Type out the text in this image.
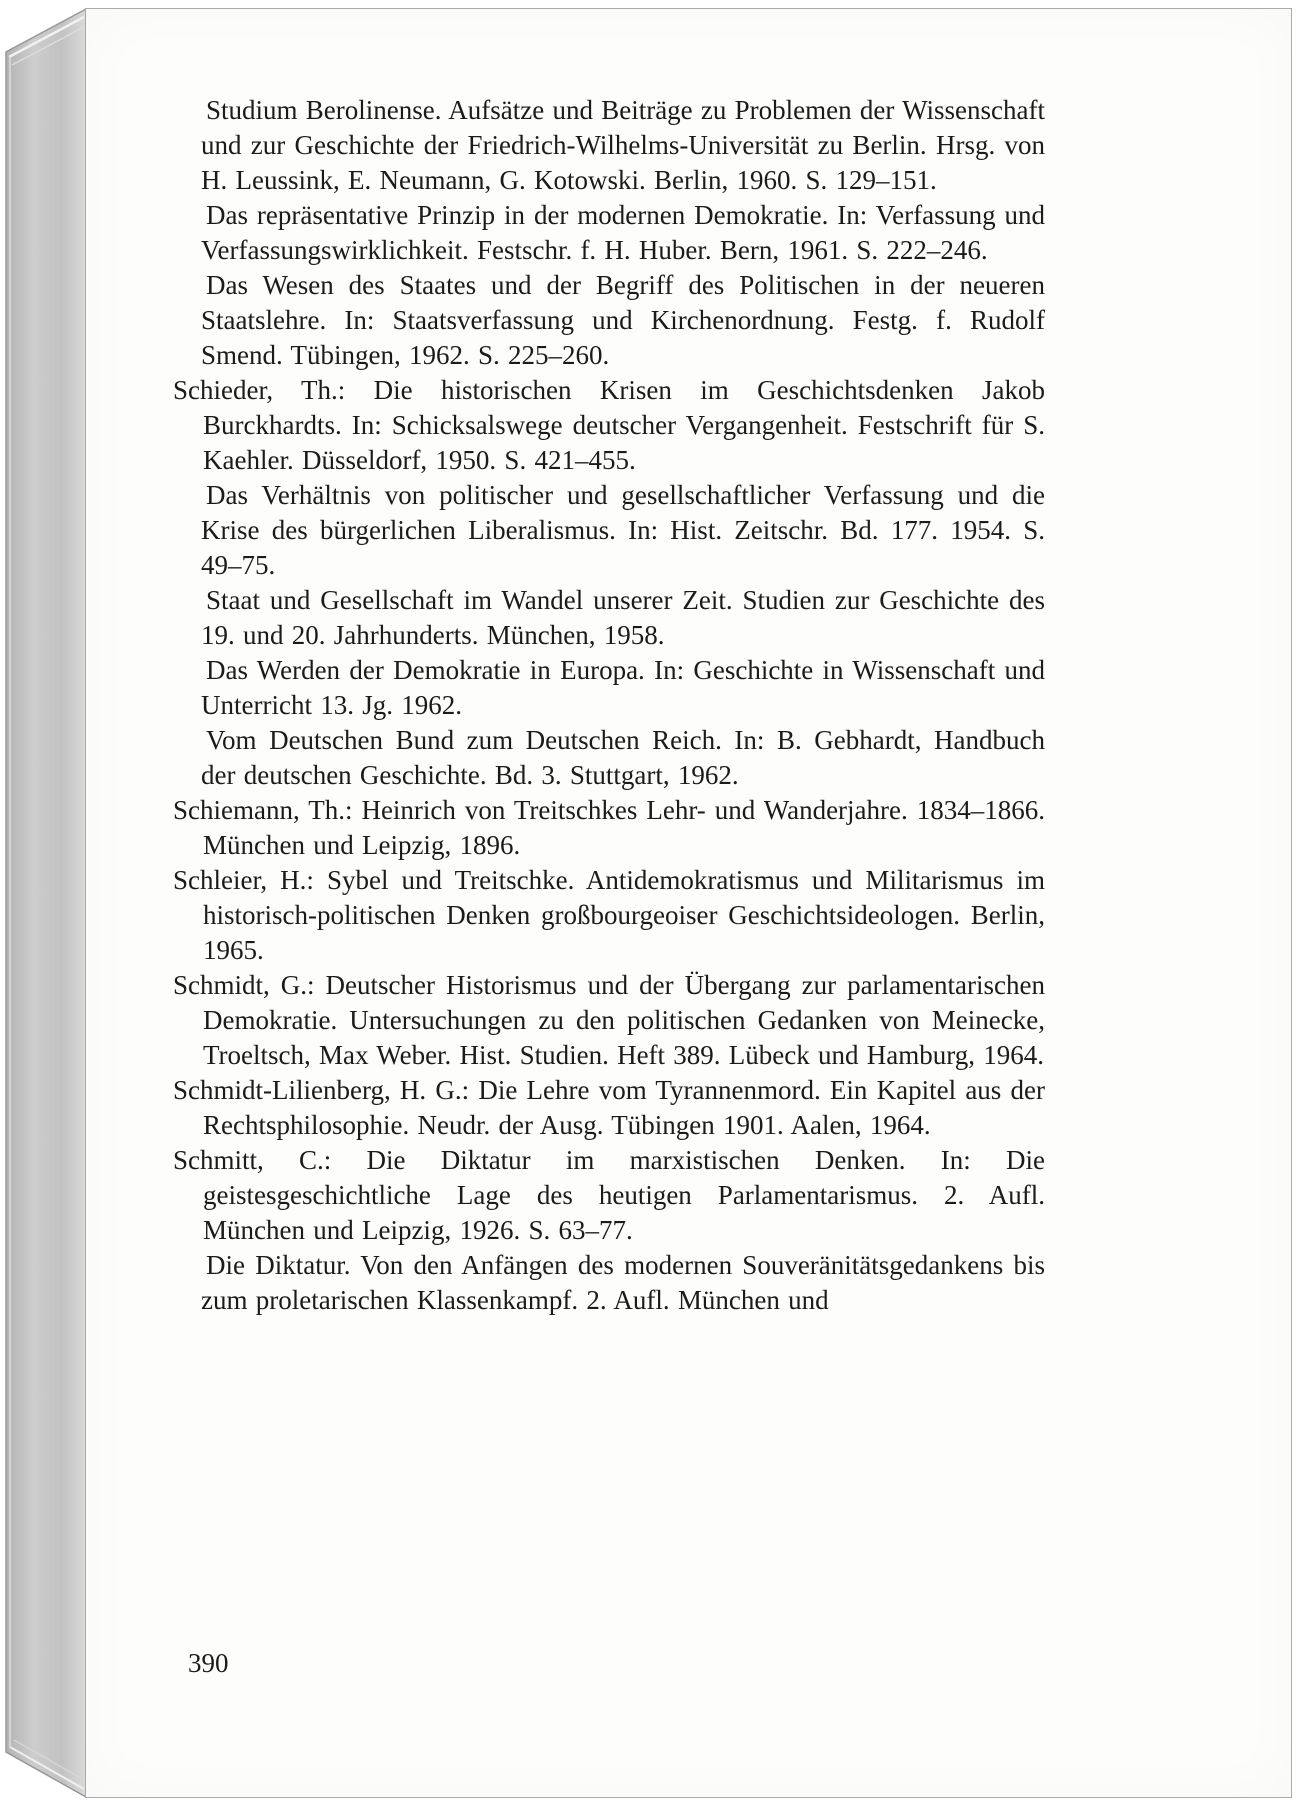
Studium Berolinense. Aufsätze und Beiträge zu Problemen der Wissenschaft und zur Geschichte der Friedrich-Wilhelms-Universität zu Berlin. Hrsg. von H. Leussink, E. Neumann, G. Kotowski. Berlin, 1960. S. 129–151.

Das repräsentative Prinzip in der modernen Demokratie. In: Verfassung und Verfassungswirklichkeit. Festschr. f. H. Huber. Bern, 1961. S. 222–246.

Das Wesen des Staates und der Begriff des Politischen in der neueren Staatslehre. In: Staatsverfassung und Kirchenordnung. Festg. f. Rudolf Smend. Tübingen, 1962. S. 225–260.

Schieder, Th.: Die historischen Krisen im Geschichtsdenken Jakob Burckhardts. In: Schicksalswege deutscher Vergangenheit. Festschrift für S. Kaehler. Düsseldorf, 1950. S. 421–455.

Das Verhältnis von politischer und gesellschaftlicher Verfassung und die Krise des bürgerlichen Liberalismus. In: Hist. Zeitschr. Bd. 177. 1954. S. 49–75.

Staat und Gesellschaft im Wandel unserer Zeit. Studien zur Geschichte des 19. und 20. Jahrhunderts. München, 1958.

Das Werden der Demokratie in Europa. In: Geschichte in Wissenschaft und Unterricht 13. Jg. 1962.

Vom Deutschen Bund zum Deutschen Reich. In: B. Gebhardt, Handbuch der deutschen Geschichte. Bd. 3. Stuttgart, 1962.

Schiemann, Th.: Heinrich von Treitschkes Lehr- und Wanderjahre. 1834–1866. München und Leipzig, 1896.

Schleier, H.: Sybel und Treitschke. Antidemokratismus und Militarismus im historisch-politischen Denken großbourgeoiser Geschichtsideologen. Berlin, 1965.

Schmidt, G.: Deutscher Historismus und der Übergang zur parlamentarischen Demokratie. Untersuchungen zu den politischen Gedanken von Meinecke, Troeltsch, Max Weber. Hist. Studien. Heft 389. Lübeck und Hamburg, 1964.

Schmidt-Lilienberg, H. G.: Die Lehre vom Tyrannenmord. Ein Kapitel aus der Rechtsphilosophie. Neudr. der Ausg. Tübingen 1901. Aalen, 1964.

Schmitt, C.: Die Diktatur im marxistischen Denken. In: Die geistesgeschichtliche Lage des heutigen Parlamentarismus. 2. Aufl. München und Leipzig, 1926. S. 63–77.

Die Diktatur. Von den Anfängen des modernen Souveränitätsgedankens bis zum proletarischen Klassenkampf. 2. Aufl. München und

390
